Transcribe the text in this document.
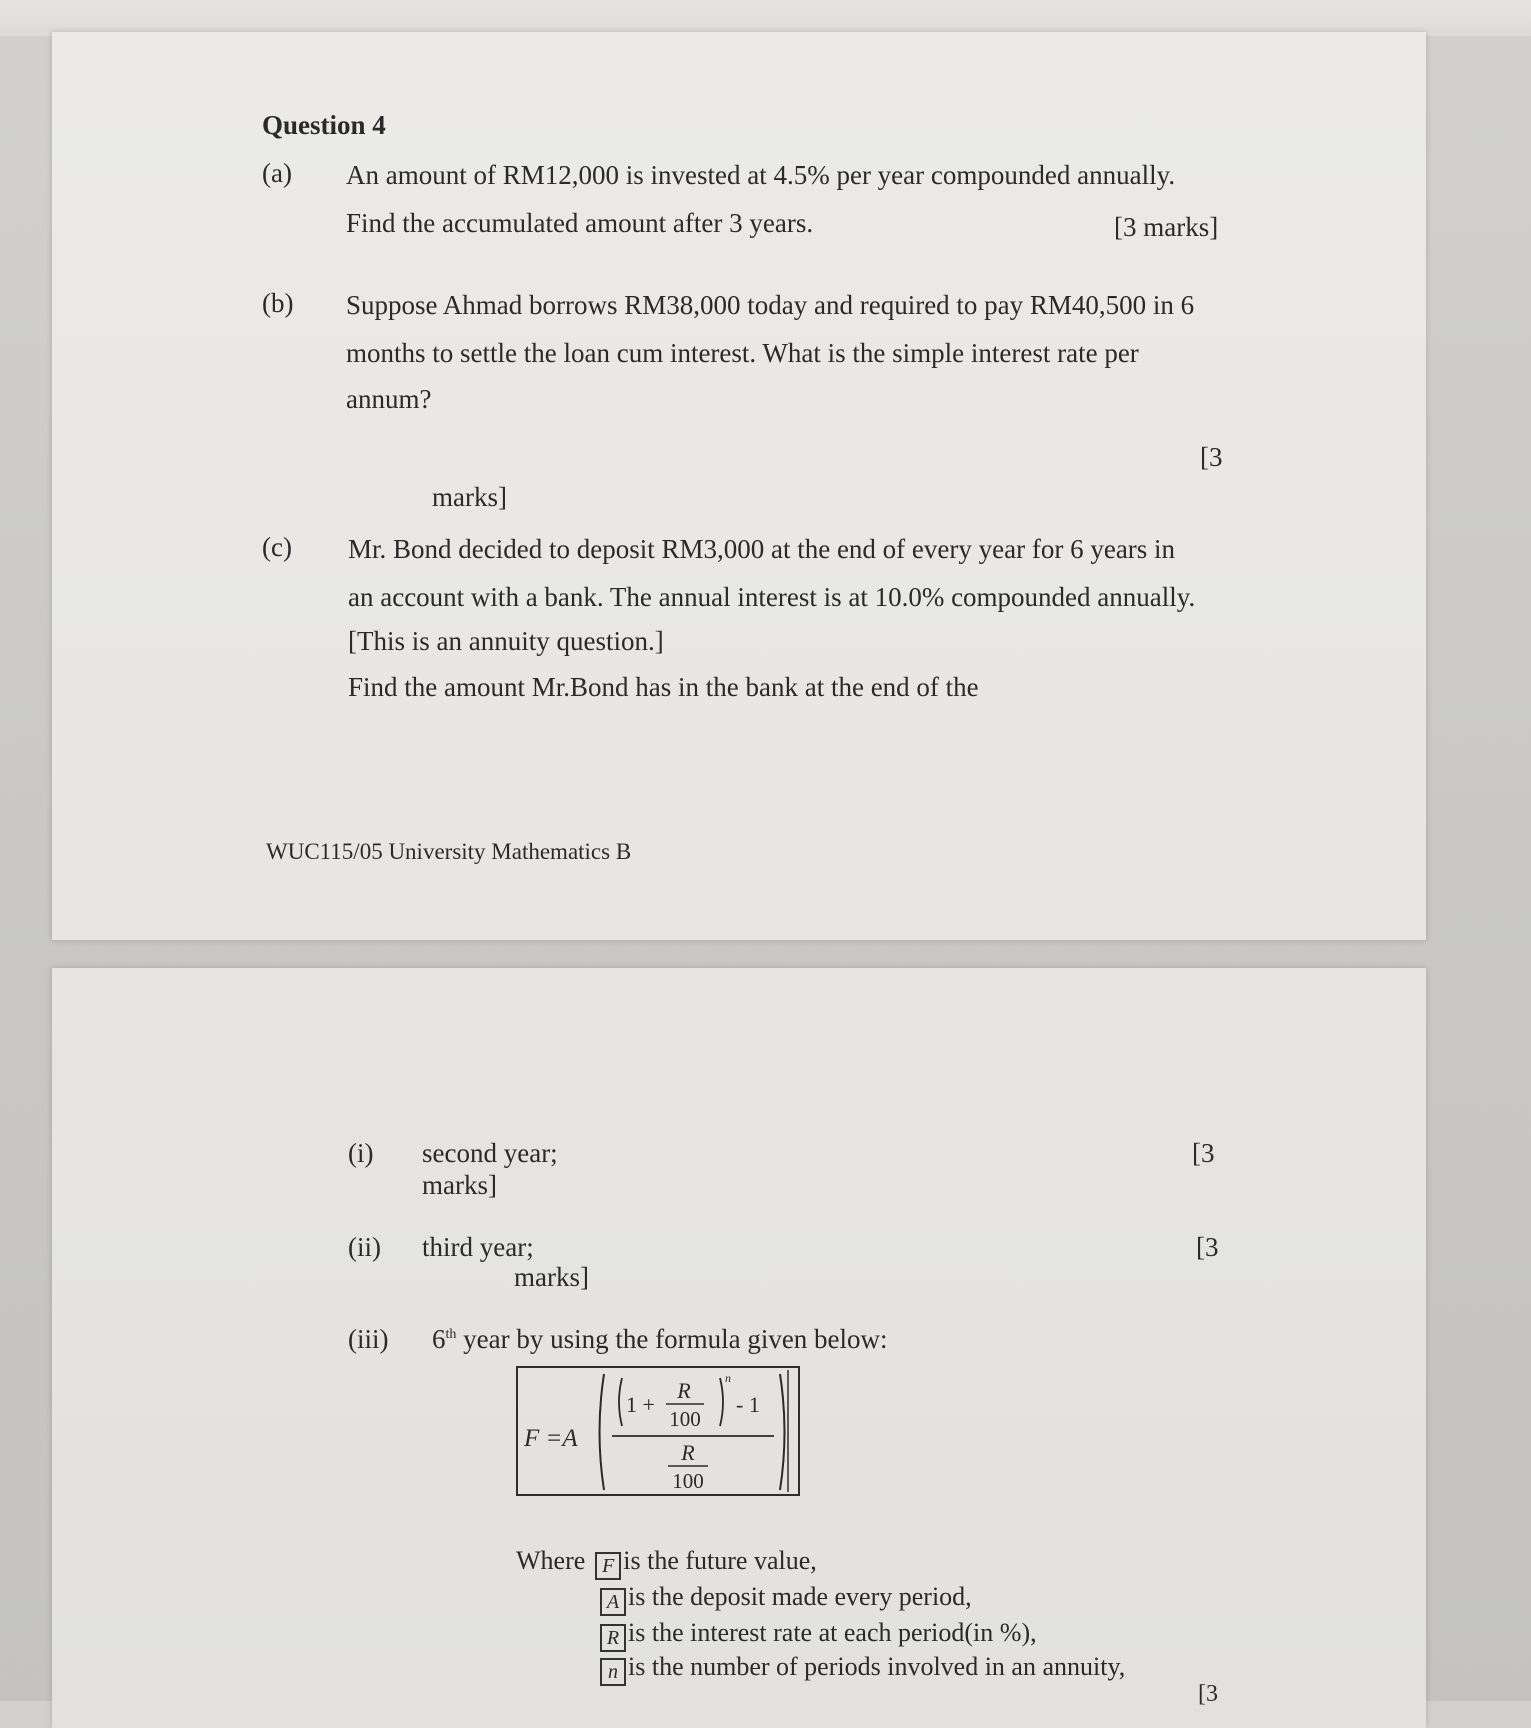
Question 4
(a) An amount of RM12,000 is invested at 4.5% per year compounded annually.
Find the accumulated amount after 3 years.	[3 marks]
(b) Suppose Ahmad borrows RM38,000 today and required to pay RM40,500 in 6
months to settle the loan cum interest. What is the simple interest rate per
annum?
[3
marks]
(c) Mr. Bond decided to deposit RM3,000 at the end of every year for 6 years in
an account with a bank. The annual interest is at 10.0% compounded annually.
[This is an annuity question.]
Find the amount Mr.Bond has in the bank at the end of the
WUC115/05 University Mathematics B
(i) second year;	[3
marks]
(ii) third year;	[3
marks]
(iii) 6th year by using the formula given below:
F =A
1 +
R
100
n
- 1
R
100
Where F is the future value,
A is the deposit made every period,
R is the interest rate at each period(in %),
n is the number of periods involved in an annuity,
[3
